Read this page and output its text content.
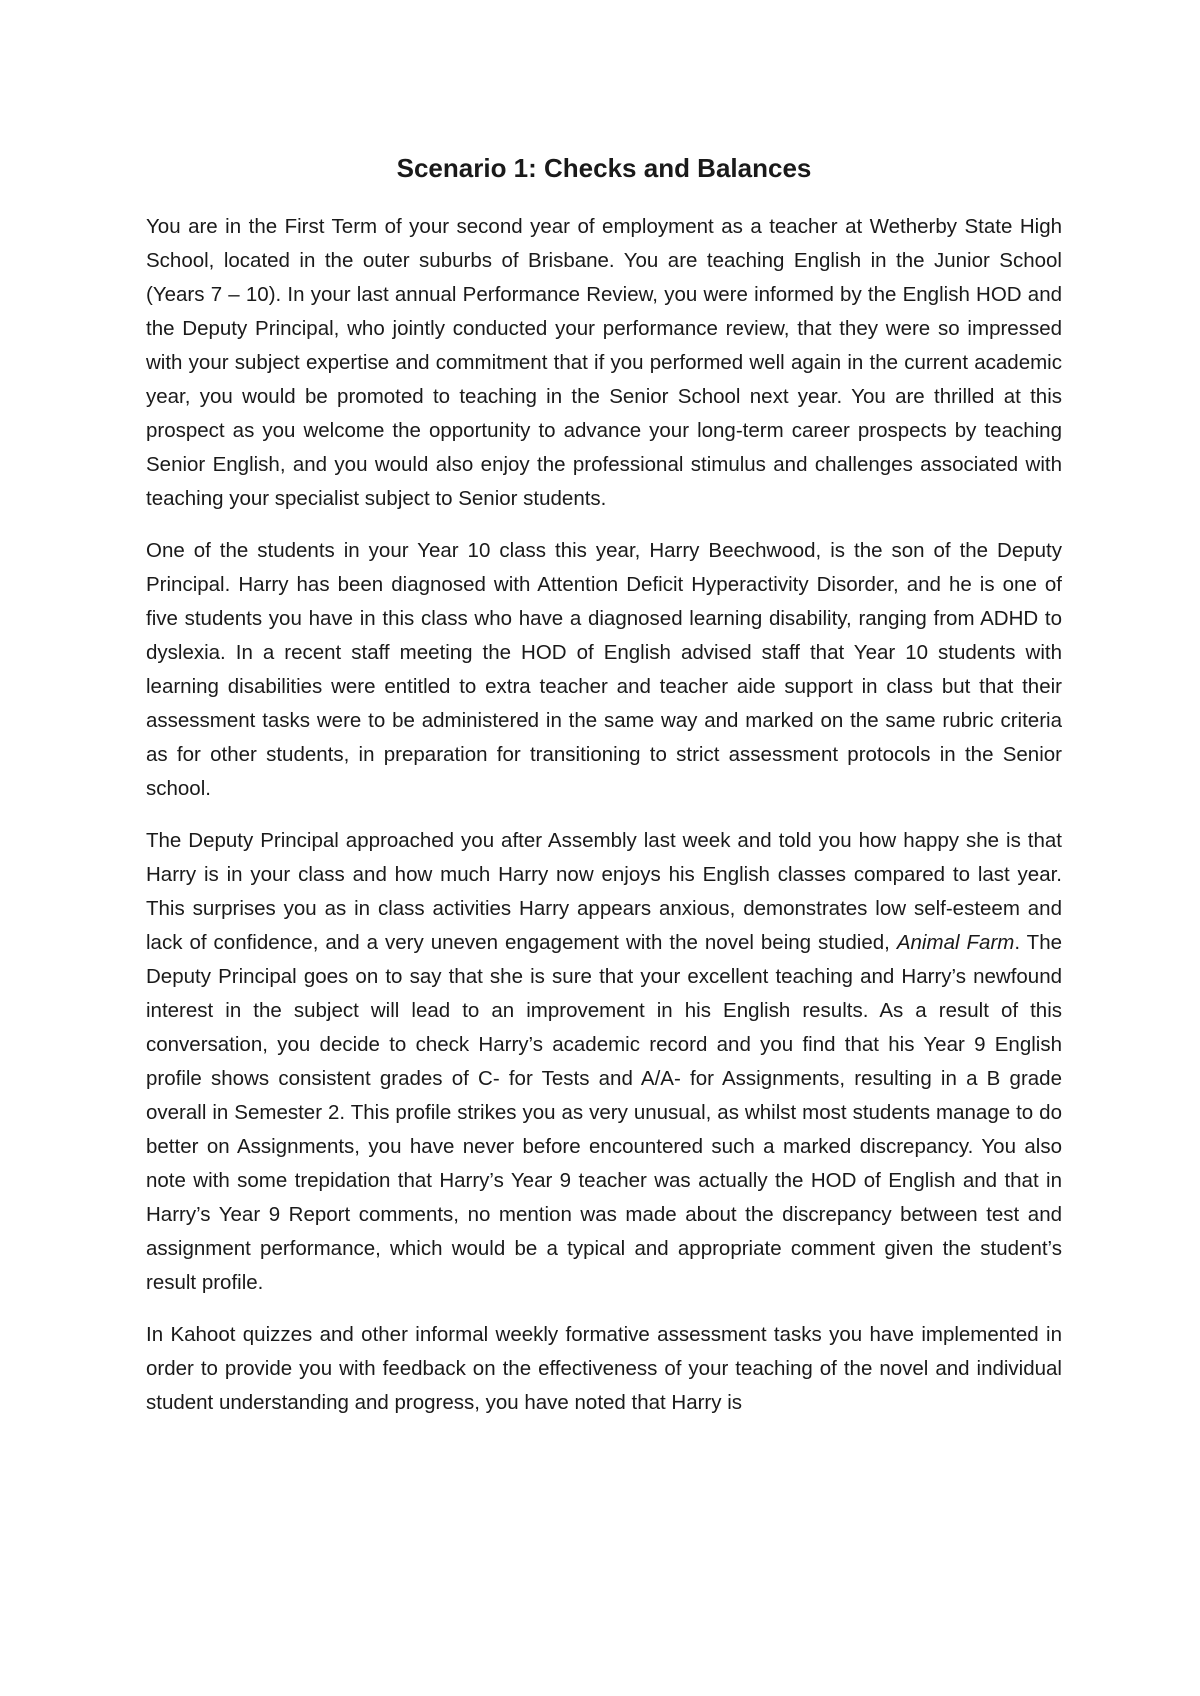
Scenario 1: Checks and Balances

You are in the First Term of your second year of employment as a teacher at Wetherby State High School, located in the outer suburbs of Brisbane. You are teaching English in the Junior School (Years 7 – 10). In your last annual Performance Review, you were informed by the English HOD and the Deputy Principal, who jointly conducted your performance review, that they were so impressed with your subject expertise and commitment that if you performed well again in the current academic year, you would be promoted to teaching in the Senior School next year. You are thrilled at this prospect as you welcome the opportunity to advance your long-term career prospects by teaching Senior English, and you would also enjoy the professional stimulus and challenges associated with teaching your specialist subject to Senior students.

One of the students in your Year 10 class this year, Harry Beechwood, is the son of the Deputy Principal. Harry has been diagnosed with Attention Deficit Hyperactivity Disorder, and he is one of five students you have in this class who have a diagnosed learning disability, ranging from ADHD to dyslexia. In a recent staff meeting the HOD of English advised staff that Year 10 students with learning disabilities were entitled to extra teacher and teacher aide support in class but that their assessment tasks were to be administered in the same way and marked on the same rubric criteria as for other students, in preparation for transitioning to strict assessment protocols in the Senior school.

The Deputy Principal approached you after Assembly last week and told you how happy she is that Harry is in your class and how much Harry now enjoys his English classes compared to last year. This surprises you as in class activities Harry appears anxious, demonstrates low self-esteem and lack of confidence, and a very uneven engagement with the novel being studied, Animal Farm. The Deputy Principal goes on to say that she is sure that your excellent teaching and Harry’s newfound interest in the subject will lead to an improvement in his English results. As a result of this conversation, you decide to check Harry’s academic record and you find that his Year 9 English profile shows consistent grades of C- for Tests and A/A- for Assignments, resulting in a B grade overall in Semester 2. This profile strikes you as very unusual, as whilst most students manage to do better on Assignments, you have never before encountered such a marked discrepancy. You also note with some trepidation that Harry’s Year 9 teacher was actually the HOD of English and that in Harry’s Year 9 Report comments, no mention was made about the discrepancy between test and assignment performance, which would be a typical and appropriate comment given the student’s result profile.

In Kahoot quizzes and other informal weekly formative assessment tasks you have implemented in order to provide you with feedback on the effectiveness of your teaching of the novel and individual student understanding and progress, you have noted that Harry is
